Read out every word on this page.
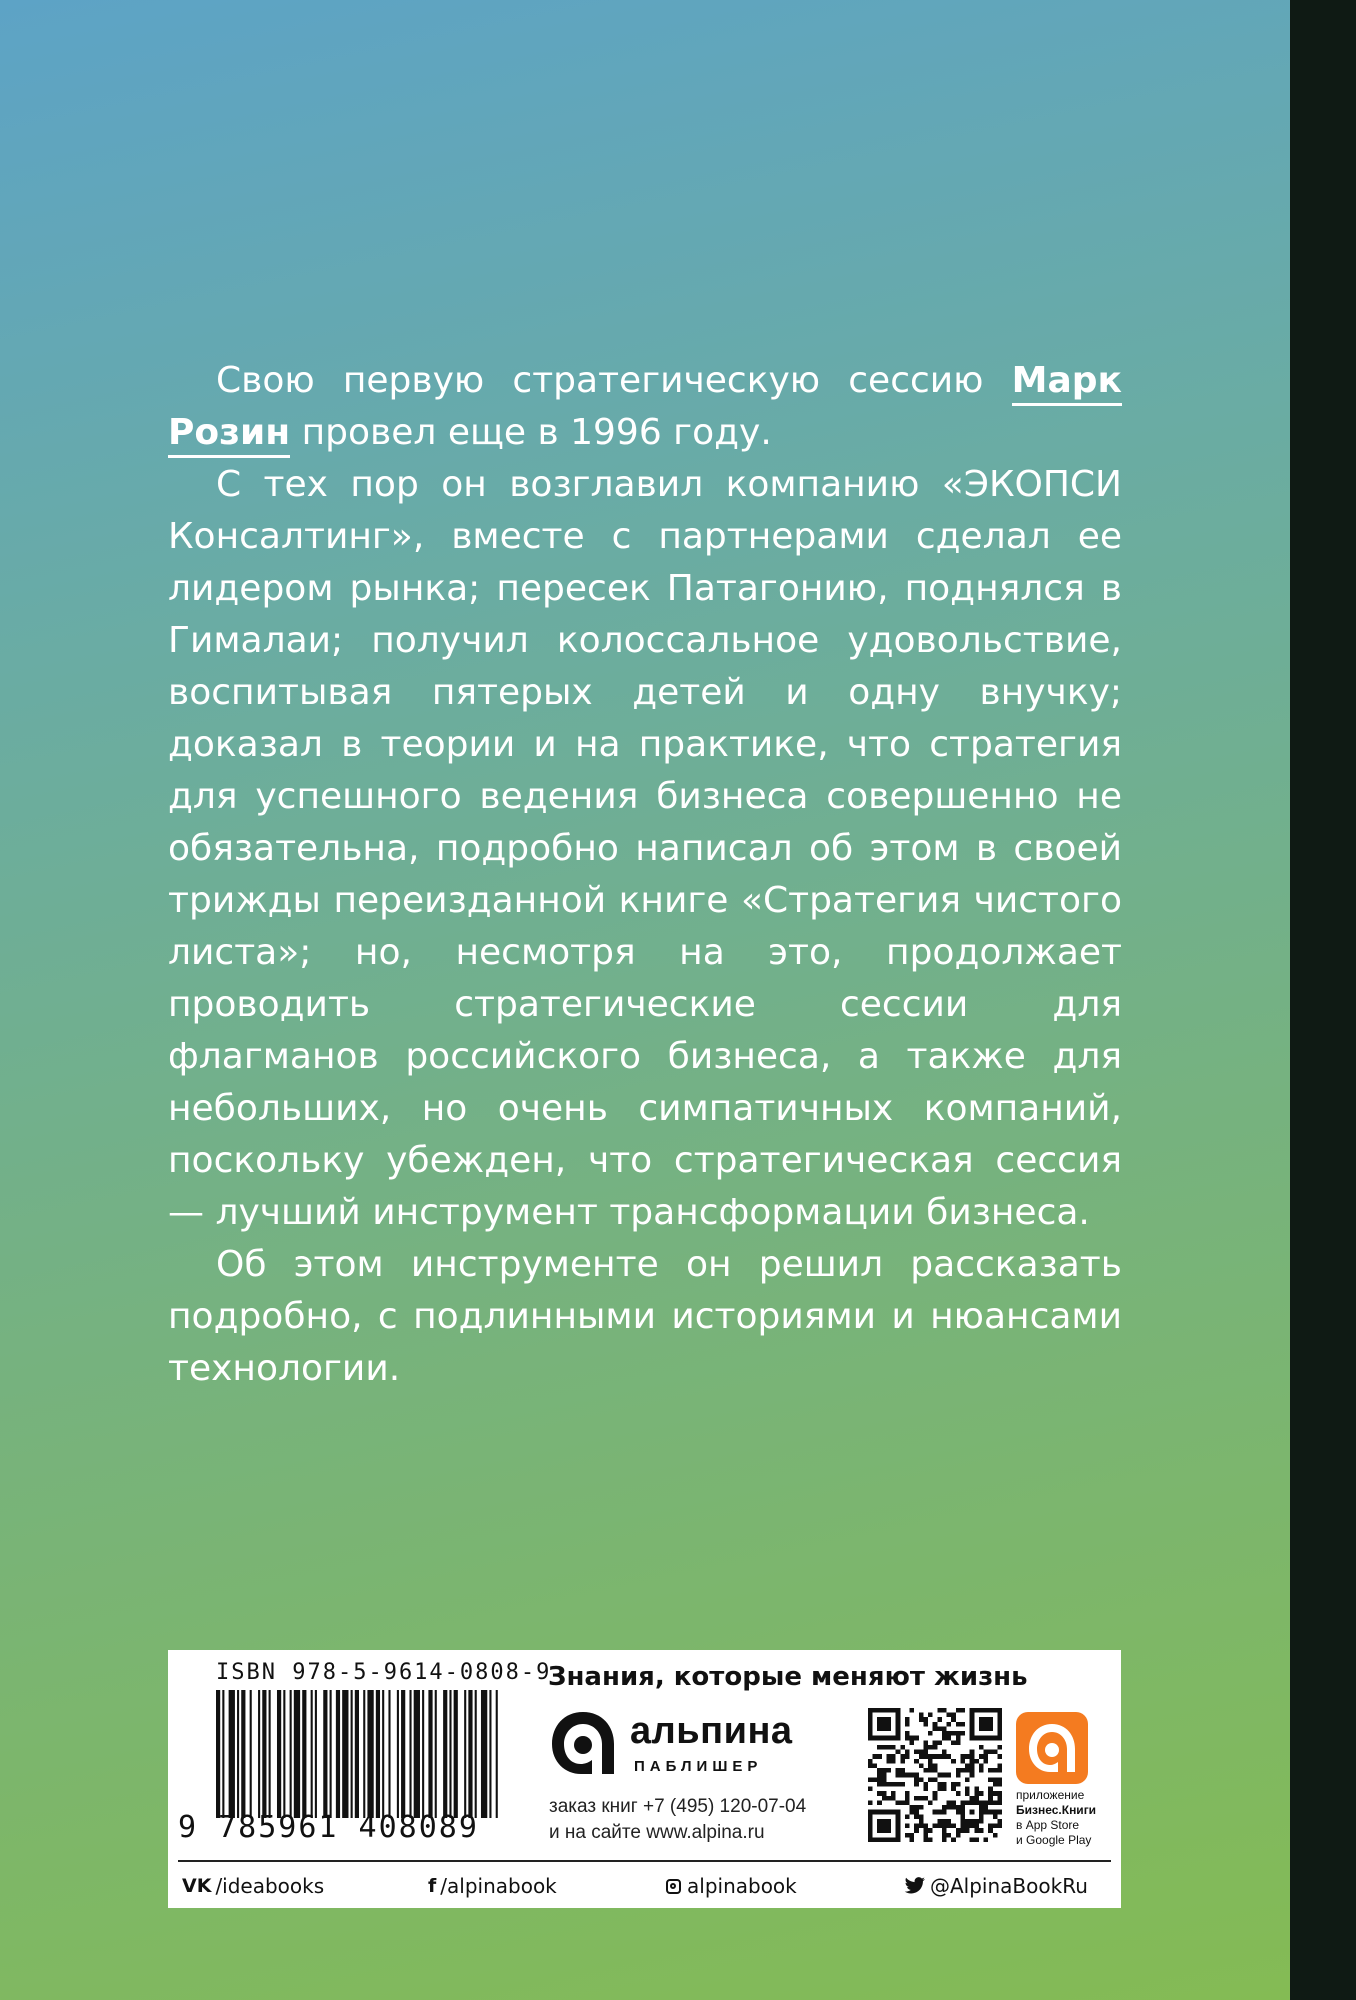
Свою первую стратегическую сессию Марк Розин провел еще в 1996 году.

С тех пор он возглавил компанию «ЭКОПСИ Консалтинг», вместе с партнерами сделал ее лидером рынка; пересек Патагонию, поднялся в Гималаи; получил колоссальное удовольствие, воспитывая пятерых детей и одну внучку; доказал в теории и на практике, что стратегия для успешного ведения бизнеса совершенно не обязательна, подробно написал об этом в своей трижды переизданной книге «Стратегия чистого листа»; но, несмотря на это, продолжает проводить стратегические сессии для флагманов российского бизнеса, а также для небольших, но очень симпатичных компаний, поскольку убежден, что стратегическая сессия — лучший инструмент трансформации бизнеса.

Об этом инструменте он решил рассказать подробно, с подлинными историями и нюансами технологии.

ISBN 978-5-9614-0808-9
9 785961 408089
Знания, которые меняют жизнь
альпина
ПАБЛИШЕР
заказ книг +7 (495) 120-07-04
и на сайте www.alpina.ru
приложение
Бизнес.Книги
в App Store
и Google Play
VK /ideabooks	f /alpinabook	alpinabook	@AlpinaBookRu
